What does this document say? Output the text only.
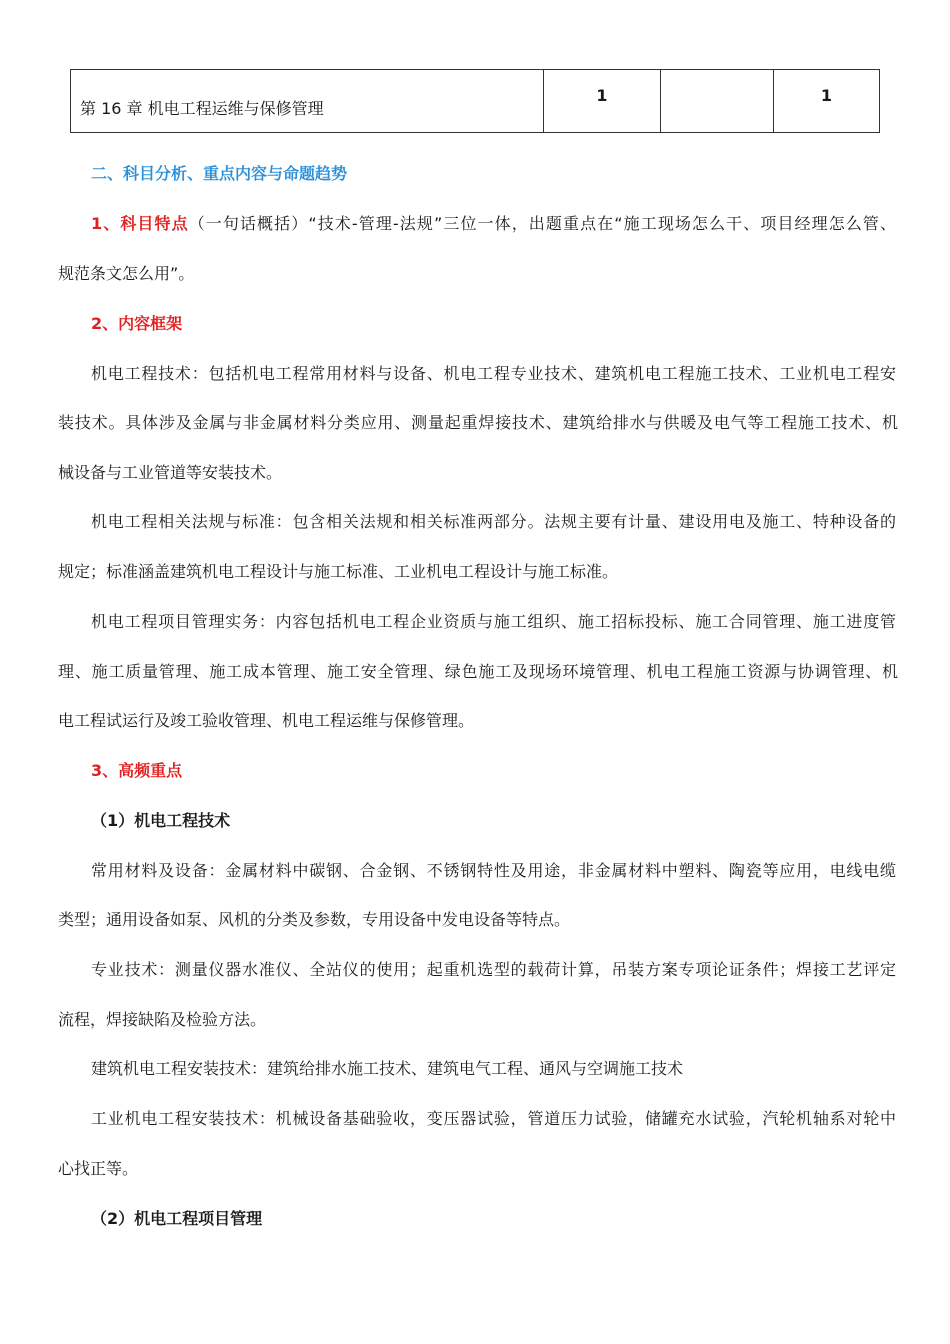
第 16 章 机电工程运维与保修管理	1		1
二、科目分析、重点内容与命题趋势
1、科目特点（一句话概括）“技术-管理-法规”三位一体，出题重点在“施工现场怎么干、项目经理怎么管、
规范条文怎么用”。
2、内容框架
机电工程技术：包括机电工程常用材料与设备、机电工程专业技术、建筑机电工程施工技术、工业机电工程安
装技术。具体涉及金属与非金属材料分类应用、测量起重焊接技术、建筑给排水与供暖及电气等工程施工技术、机
械设备与工业管道等安装技术。
机电工程相关法规与标准：包含相关法规和相关标准两部分。法规主要有计量、建设用电及施工、特种设备的
规定；标准涵盖建筑机电工程设计与施工标准、工业机电工程设计与施工标准。
机电工程项目管理实务：内容包括机电工程企业资质与施工组织、施工招标投标、施工合同管理、施工进度管
理、施工质量管理、施工成本管理、施工安全管理、绿色施工及现场环境管理、机电工程施工资源与协调管理、机
电工程试运行及竣工验收管理、机电工程运维与保修管理。
3、高频重点
（1）机电工程技术
常用材料及设备：金属材料中碳钢、合金钢、不锈钢特性及用途，非金属材料中塑料、陶瓷等应用，电线电缆
类型；通用设备如泵、风机的分类及参数，专用设备中发电设备等特点。
专业技术：测量仪器水准仪、全站仪的使用；起重机选型的载荷计算，吊装方案专项论证条件；焊接工艺评定
流程，焊接缺陷及检验方法。
建筑机电工程安装技术：建筑给排水施工技术、建筑电气工程、通风与空调施工技术
工业机电工程安装技术：机械设备基础验收，变压器试验，管道压力试验，储罐充水试验，汽轮机轴系对轮中
心找正等。
（2）机电工程项目管理
